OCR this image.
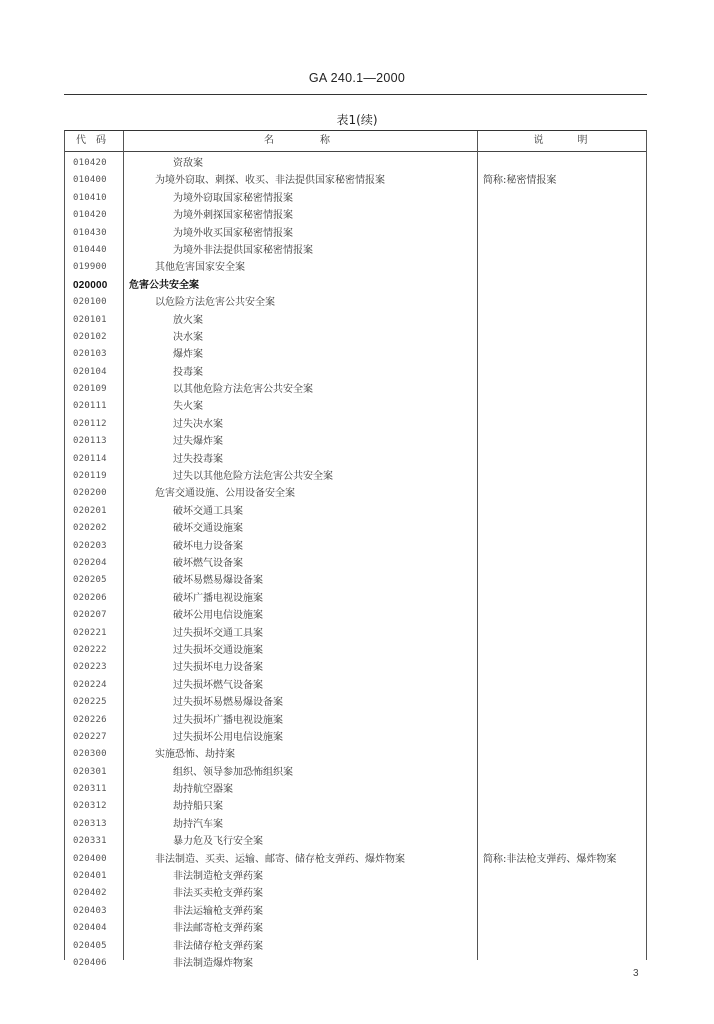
GA 240.1—2000
表1(续)
代码	名称	说明
010420	资敌案
010400	为境外窃取、刺探、收买、非法提供国家秘密情报案	简称:秘密情报案
010410	为境外窃取国家秘密情报案
010420	为境外刺探国家秘密情报案
010430	为境外收买国家秘密情报案
010440	为境外非法提供国家秘密情报案
019900	其他危害国家安全案
020000	危害公共安全案
020100	以危险方法危害公共安全案
020101	放火案
020102	决水案
020103	爆炸案
020104	投毒案
020109	以其他危险方法危害公共安全案
020111	失火案
020112	过失决水案
020113	过失爆炸案
020114	过失投毒案
020119	过失以其他危险方法危害公共安全案
020200	危害交通设施、公用设备安全案
020201	破坏交通工具案
020202	破坏交通设施案
020203	破坏电力设备案
020204	破坏燃气设备案
020205	破坏易燃易爆设备案
020206	破坏广播电视设施案
020207	破坏公用电信设施案
020221	过失损坏交通工具案
020222	过失损坏交通设施案
020223	过失损坏电力设备案
020224	过失损坏燃气设备案
020225	过失损坏易燃易爆设备案
020226	过失损坏广播电视设施案
020227	过失损坏公用电信设施案
020300	实施恐怖、劫持案
020301	组织、领导参加恐怖组织案
020311	劫持航空器案
020312	劫持船只案
020313	劫持汽车案
020331	暴力危及飞行安全案
020400	非法制造、买卖、运输、邮寄、储存枪支弹药、爆炸物案	简称:非法枪支弹药、爆炸物案
020401	非法制造枪支弹药案
020402	非法买卖枪支弹药案
020403	非法运输枪支弹药案
020404	非法邮寄枪支弹药案
020405	非法储存枪支弹药案
020406	非法制造爆炸物案
3
